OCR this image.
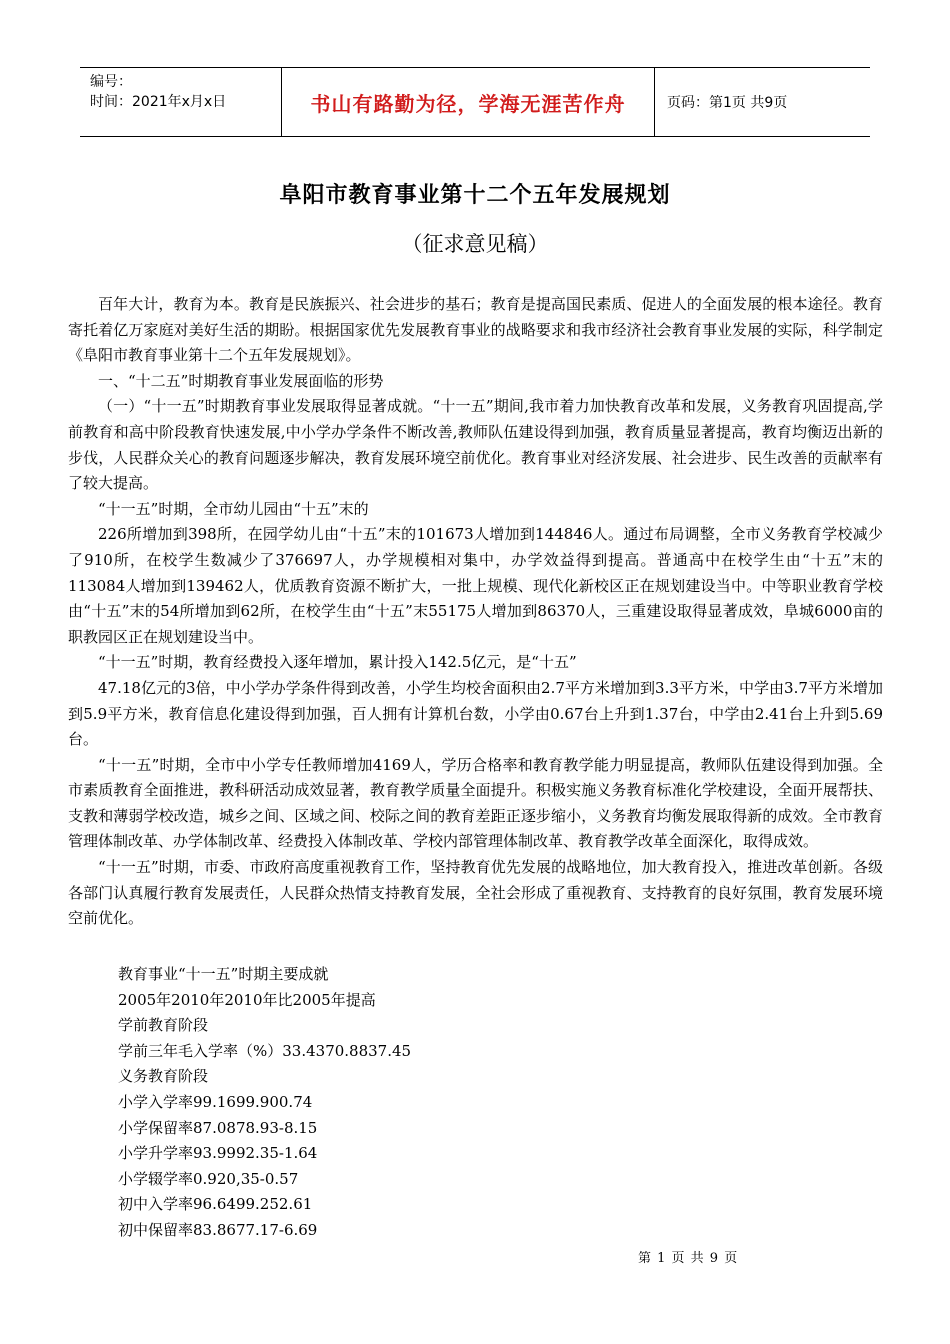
编号：
时间：2021年x月x日	书山有路勤为径，学海无涯苦作舟	页码：第1页 共9页
阜阳市教育事业第十二个五年发展规划
（征求意见稿）

百年大计，教育为本。教育是民族振兴、社会进步的基石；教育是提高国民素质、促进人的全面发展的根本途径。教育寄托着亿万家庭对美好生活的期盼。根据国家优先发展教育事业的战略要求和我市经济社会教育事业发展的实际，科学制定《阜阳市教育事业第十二个五年发展规划》。

一、“十二五”时期教育事业发展面临的形势

（一）“十一五”时期教育事业发展取得显著成就。“十一五”期间,我市着力加快教育改革和发展，义务教育巩固提高,学前教育和高中阶段教育快速发展,中小学办学条件不断改善,教师队伍建设得到加强，教育质量显著提高，教育均衡迈出新的步伐，人民群众关心的教育问题逐步解决，教育发展环境空前优化。教育事业对经济发展、社会进步、民生改善的贡献率有了较大提高。

“十一五”时期，全市幼儿园由“十五”末的

226所增加到398所，在园学幼儿由“十五”末的101673人增加到144846人。通过布局调整，全市义务教育学校减少了910所，在校学生数减少了376697人，办学规模相对集中，办学效益得到提高。普通高中在校学生由“十五”末的113084人增加到139462人，优质教育资源不断扩大，一批上规模、现代化新校区正在规划建设当中。中等职业教育学校由“十五”末的54所增加到62所，在校学生由“十五”末55175人增加到86370人，三重建设取得显著成效，阜城6000亩的职教园区正在规划建设当中。

“十一五”时期，教育经费投入逐年增加，累计投入142.5亿元，是“十五”

47.18亿元的3倍，中小学办学条件得到改善，小学生均校舍面积由2.7平方米增加到3.3平方米，中学由3.7平方米增加到5.9平方米，教育信息化建设得到加强，百人拥有计算机台数，小学由0.67台上升到1.37台，中学由2.41台上升到5.69台。

“十一五”时期，全市中小学专任教师增加4169人，学历合格率和教育教学能力明显提高，教师队伍建设得到加强。全市素质教育全面推进，教科研活动成效显著，教育教学质量全面提升。积极实施义务教育标准化学校建设，全面开展帮扶、支教和薄弱学校改造，城乡之间、区域之间、校际之间的教育差距正逐步缩小，义务教育均衡发展取得新的成效。全市教育管理体制改革、办学体制改革、经费投入体制改革、学校内部管理体制改革、教育教学改革全面深化，取得成效。

“十一五”时期，市委、市政府高度重视教育工作，坚持教育优先发展的战略地位，加大教育投入，推进改革创新。各级各部门认真履行教育发展责任，人民群众热情支持教育发展，全社会形成了重视教育、支持教育的良好氛围，教育发展环境空前优化。

教育事业“十一五”时期主要成就
2005年2010年2010年比2005年提高
学前教育阶段
学前三年毛入学率（%）33.4370.8837.45
义务教育阶段
小学入学率99.1699.900.74
小学保留率87.0878.93-8.15
小学升学率93.9992.35-1.64
小学辍学率0.920,35-0.57
初中入学率96.6499.252.61
初中保留率83.8677.17-6.69
第 1 页 共 9 页
